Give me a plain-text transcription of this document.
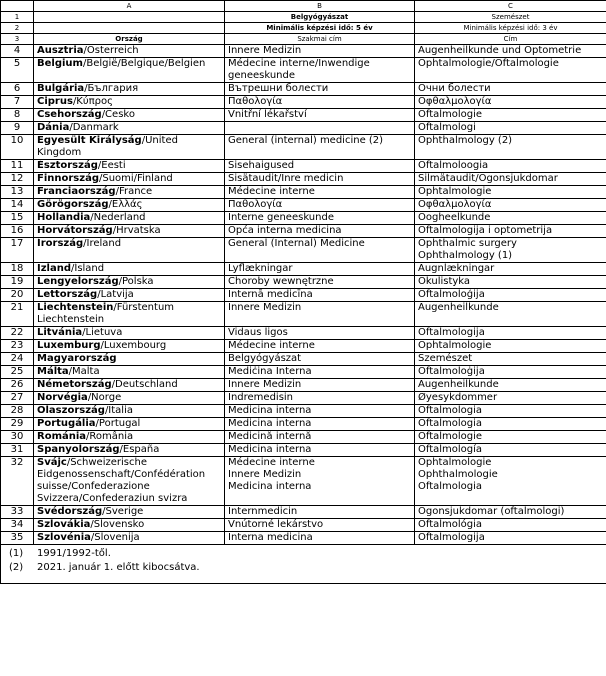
	A	B	C
1		Belgyógyászat	Szemészet
2		Minimális képzési idő: 5 év	Minimális képzési idő: 3 év
3	Ország	Szakmai cím	Cím
4	Ausztria/Österreich	Innere Medizin	Augenheilkunde und Optometrie

5	Belgium/België/Belgique/Belgien	Médecine interne/Inwendige
geneeskunde	Ophtalmologie/Oftalmologie

6	Bulgária/България	Вътрешни болести	Очни болести

7	Ciprus/Κύπρος	Παθολογία	Οφθαλμολογία

8	Csehország/Česko	Vnitřní lékařství	Oftalmologie

9	Dánia/Danmark		Oftalmologi

10	Egyesült Királyság/United
Kingdom	General (internal) medicine (2)	Ophthalmology (2)

11	Észtország/Eesti	Sisehaigused	Oftalmoloogia

12	Finnország/Suomi/Finland	Sisätaudit/Inre medicin	Silmätaudit/Ögonsjukdomar

13	Franciaország/France	Médecine interne	Ophtalmologie

14	Görögország/Ελλάς	Παθολογία	Οφθαλμολογία

15	Hollandia/Nederland	Interne geneeskunde	Oogheelkunde

16	Horvátország/Hrvatska	Opća interna medicina	Oftalmologija i optometrija

17	Írország/Ireland	General (Internal) Medicine	Ophthalmic surgery
Ophthalmology (1)

18	Izland/Ísland	Lyflækningar	Augnlækningar

19	Lengyelország/Polska	Choroby wewnętrzne	Okulistyka

20	Lettország/Latvija	Internā medicīna	Oftalmoloģija

21	Liechtenstein/Fürstentum
Liechtenstein	Innere Medizin	Augenheilkunde

22	Litvánia/Lietuva	Vidaus ligos	Oftalmologija

23	Luxemburg/Luxembourg	Médecine interne	Ophtalmologie

24	Magyarország	Belgyógyászat	Szemészet

25	Málta/Malta	Mediċina Interna	Oftalmoloġija

26	Németország/Deutschland	Innere Medizin	Augenheilkunde

27	Norvégia/Norge	Indremedisin	Øyesykdommer

28	Olaszország/Italia	Medicina interna	Oftalmologia

29	Portugália/Portugal	Medicina interna	Oftalmologia

30	Románia/România	Medicină internă	Oftalmologie

31	Spanyolország/España	Medicina interna	Oftalmología

32	Svájc/Schweizerische
Eidgenossenschaft/Confédération
suisse/Confederazione
Svizzera/Confederaziun svizra	Médecine interne
Innere Medizin
Medicina interna	Ophtalmologie
Ophthalmologie
Oftalmologia

33	Svédország/Sverige	Internmedicin	Ögonsjukdomar (oftalmologi)

34	Szlovákia/Slovensko	Vnútorné lekárstvo	Oftalmológia

35	Szlovénia/Slovenija	Interna medicina	Oftalmologija

(1) 1991/1992-től.
(2) 2021. január 1. előtt kibocsátva.			
